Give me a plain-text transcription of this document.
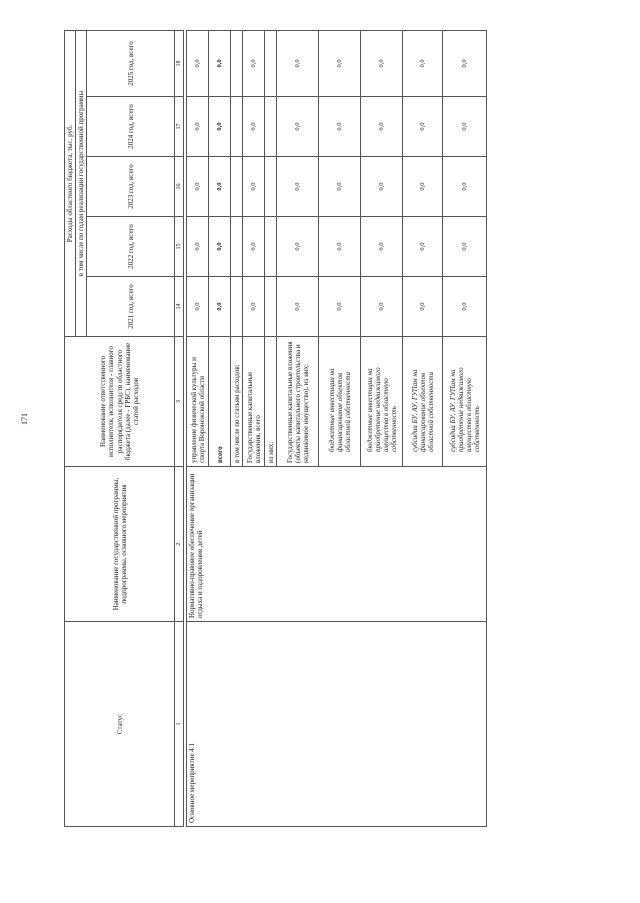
171
Статус	Наименование государственной программы, подпрограммы, основного мероприятия	Наименование ответственного исполнителя, исполнителя - главного распорядителя средств областного бюджета (далее - ГРБС), наименование статей расходов	Расходы областного бюджета, тыс. руб.				
			в том числе по годам реализации государственной программы				
			2021 год, всего	2022 год, всего	2023 год, всего	2024 год, всего	2025 год, всего
1	2	3	14	15	16	17	18

Основное мероприятие 4.1	Нормативно-правовое обеспечение организации отдыха и оздоровления детей	управление физической культуры и спорта Воронежской области	0,0	0,0	0,0	0,0	0,0
		всего	0,0	0,0	0,0	0,0	0,0
		в том числе по статьям расходов:					
		Государственные капитальные вложения, всего	0,0	0,0	0,0	0,0	0,0
		из них:					
		Государственные капитальные вложения (объекты капитального строительства и недвижимое имущество), из них:	0,0	0,0	0,0	0,0	0,0
		бюджетные инвестиции на финансирование объектов областной собственности	0,0	0,0	0,0	0,0	0,0
		бюджетные инвестиции на приобретение недвижимого имущества в областную собственность	0,0	0,0	0,0	0,0	0,0
		субсидии БУ, АУ, ГУПам на финансирование объектов областной собственности	0,0	0,0	0,0	0,0	0,0
		субсидии БУ, АУ, ГУПам на приобретение недвижимого имущества в областную собственность	0,0	0,0	0,0	0,0	0,0
